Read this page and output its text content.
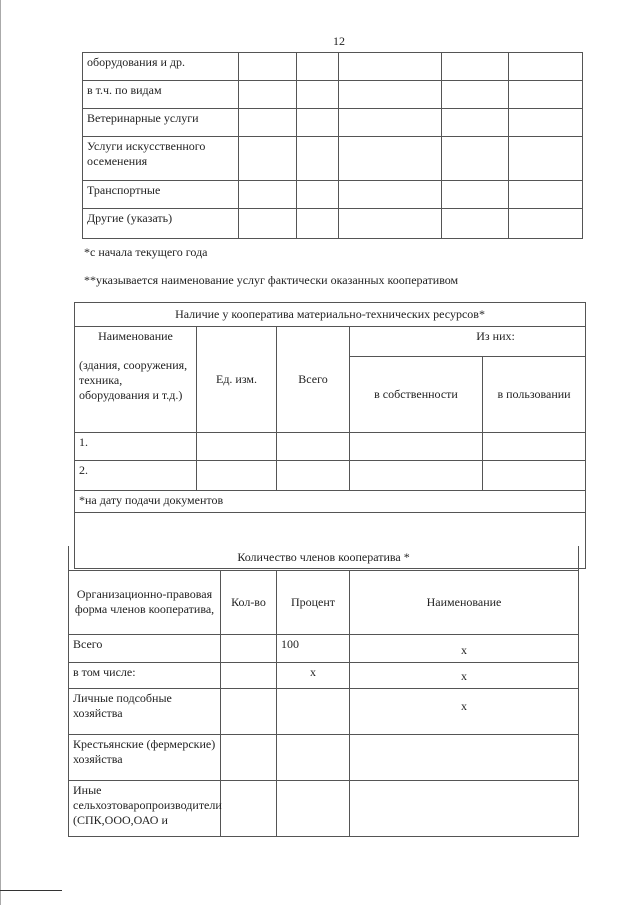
12
оборудования и др.					
в т.ч. по видам					
Ветеринарные услуги					
Услуги искусственного осеменения					
Транспортные					
Другие (указать)					
*с начала текущего года
**указывается наименование услуг фактически оказанных кооперативом
Наличие у кооператива материально-технических ресурсов*				

Наименование
(здания, сооружения, техника, оборудования и т.д.)	Ед. изм.	Всего	Из них:	
			в собственности	в пользовании
1.				
2.				
*на дату подачи документов				

Количество членов кооператива *			
Организационно-правовая форма членов кооператива,	Кол-во	Процент	Наименование
Всего		100	х
в том числе:		х	х
Личные подсобные хозяйства			х
Крестьянские (фермерские) хозяйства			
Иные сельхозтоваропроизводители (СПК,ООО,ОАО и			
